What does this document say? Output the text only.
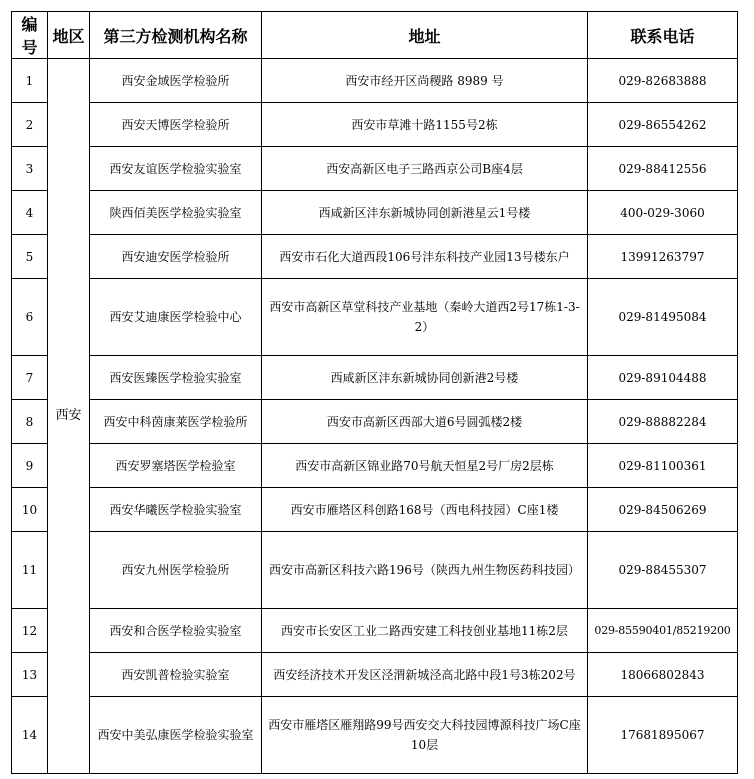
编号	地区	第三方检测机构名称	地址	联系电话
1	西安	西安金域医学检验所	西安市经开区尚稷路 8989 号	029-82683888
2		西安天博医学检验所	西安市草滩十路1155号2栋	029-86554262
3		西安友谊医学检验实验室	西安高新区电子三路西京公司B座4层	029-88412556
4		陕西佰美医学检验实验室	西咸新区沣东新城协同创新港星云1号楼	400-029-3060
5		西安迪安医学检验所	西安市石化大道西段106号沣东科技产业园13号楼东户	13991263797
6		西安艾迪康医学检验中心	西安市高新区草堂科技产业基地（秦岭大道西2号17栋1-3-2）	029-81495084
7		西安医臻医学检验实验室	西咸新区沣东新城协同创新港2号楼	029-89104488
8		西安中科茵康莱医学检验所	西安市高新区西部大道6号圆弧楼2楼	029-88882284
9		西安罗塞塔医学检验室	西安市高新区锦业路70号航天恒星2号厂房2层栋	029-81100361
10		西安华曦医学检验实验室	西安市雁塔区科创路168号（西电科技园）C座1楼	029-84506269
11		西安九州医学检验所	西安市高新区科技六路196号（陕西九州生物医药科技园）	029-88455307
12		西安和合医学检验实验室	西安市长安区工业二路西安建工科技创业基地11栋2层	029-85590401/85219200
13		西安凯普检验实验室	西安经济技术开发区泾渭新城泾高北路中段1号3栋202号	18066802843
14		西安中美弘康医学检验实验室	西安市雁塔区雁翔路99号西安交大科技园博源科技广场C座10层	17681895067
